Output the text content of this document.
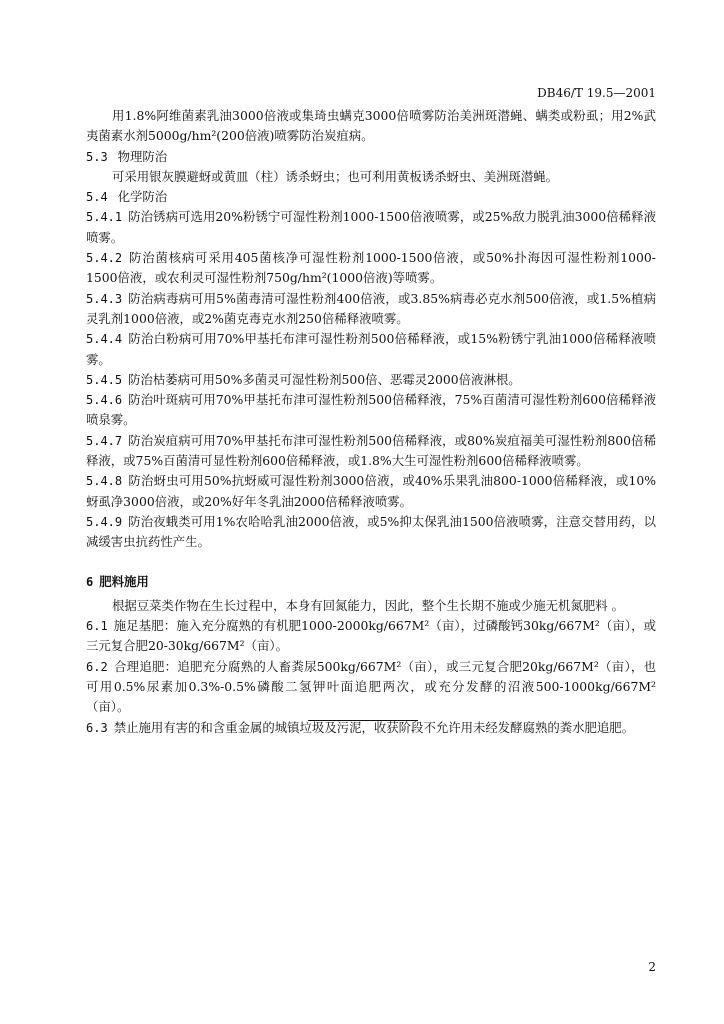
DB46/T 19.5—2001

用1.8%阿维菌素乳油3000倍液或集琦虫螨克3000倍喷雾防治美洲斑潜蝇、螨类或粉虱；用2%武夷菌素水剂5000g/hm²(200倍液)喷雾防治炭疽病。

5.3 物理防治

可采用银灰膜避蚜或黄皿（柱）诱杀蚜虫；也可利用黄板诱杀蚜虫、美洲斑潜蝇。

5.4 化学防治

5.4.1 防治锈病可选用20%粉锈宁可湿性粉剂1000-1500倍液喷雾，或25%敌力脱乳油3000倍稀释液喷雾。

5.4.2 防治菌核病可采用405菌核净可湿性粉剂1000-1500倍液，或50%扑海因可湿性粉剂1000-1500倍液，或农利灵可湿性粉剂750g/hm²(1000倍液)等喷雾。

5.4.3 防治病毒病可用5%菌毒清可湿性粉剂400倍液，或3.85%病毒必克水剂500倍液，或1.5%植病灵乳剂1000倍液，或2%菌克毒克水剂250倍稀释液喷雾。

5.4.4 防治白粉病可用70%甲基托布津可湿性粉剂500倍稀释液，或15%粉锈宁乳油1000倍稀释液喷雾。

5.4.5 防治枯萎病可用50%多菌灵可湿性粉剂500倍、恶霉灵2000倍液淋根。

5.4.6 防治叶斑病可用70%甲基托布津可湿性粉剂500倍稀释液，75%百菌清可湿性粉剂600倍稀释液喷泉雾。

5.4.7 防治炭疽病可用70%甲基托布津可湿性粉剂500倍稀释液，或80%炭疽福美可湿性粉剂800倍稀释液，或75%百菌清可显性粉剂600倍稀释液，或1.8%大生可湿性粉剂600倍稀释液喷雾。

5.4.8 防治蚜虫可用50%抗蚜威可湿性粉剂3000倍液，或40%乐果乳油800-1000倍稀释液，或10%蚜虱净3000倍液，或20%好年冬乳油2000倍稀释液喷雾。

5.4.9 防治夜蛾类可用1%农哈哈乳油2000倍液，或5%抑太保乳油1500倍液喷雾，注意交替用药，以减缓害虫抗药性产生。

6 肥料施用

根据豆菜类作物在生长过程中，本身有回氮能力，因此，整个生长期不施或少施无机氮肥料 。

6.1 施足基肥：施入充分腐熟的有机肥1000-2000kg/667M²（亩），过磷酸钙30kg/667M²（亩），或三元复合肥20-30kg/667M²（亩）。

6.2 合理追肥：追肥充分腐熟的人畜粪尿500kg/667M²（亩），或三元复合肥20kg/667M²（亩），也可用0.5%尿素加0.3%-0.5%磷酸二氢钾叶面追肥两次，或充分发酵的沼液500-1000kg/667M²（亩）。

6.3 禁止施用有害的和含重金属的城镇垃圾及污泥，收获阶段不允许用未经发酵腐熟的粪水肥追肥。

2
